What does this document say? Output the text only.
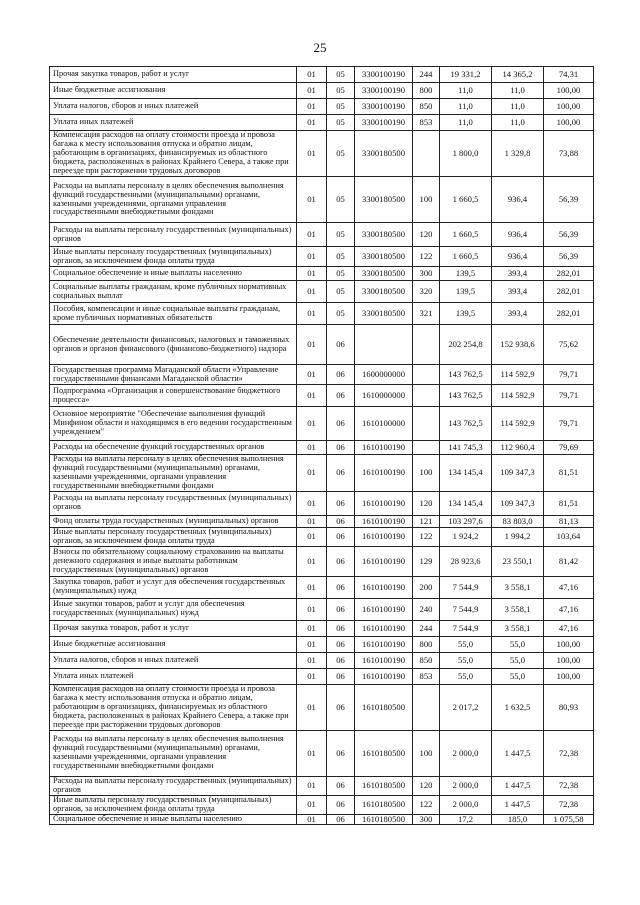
25
Прочая закупка товаров, работ и услуг	01	05	3300100190	244	19 331,2	14 365,2	74,31
Иные бюджетные ассигнования	01	05	3300100190	800	11,0	11,0	100,00
Уплата налогов, сборов и иных платежей	01	05	3300100190	850	11,0	11,0	100,00
Уплата иных платежей	01	05	3300100190	853	11,0	11,0	100,00
Компенсация расходов на оплату стоимости проезда и провоза багажа к месту использования отпуска и обратно лицам, работающим в организациях, финансируемых из областного бюджета, расположенных в районах Крайнего Севера, а также при переезде при расторжении трудовых договоров	01	05	3300180500		1 800,0	1 329,8	73,88
Расходы на выплаты персоналу в целях обеспечения выполнения функций государственными (муниципальными) органами, казенными учреждениями, органами управления государственными внебюджетными фондами	01	05	3300180500	100	1 660,5	936,4	56,39
Расходы на выплаты персоналу государственных (муниципальных) органов	01	05	3300180500	120	1 660,5	936,4	56,39
Иные выплаты персоналу государственных (муниципальных) органов, за исключением фонда оплаты труда	01	05	3300180500	122	1 660,5	936,4	56,39
Социальное обеспечение и иные выплаты населению	01	05	3300180500	300	139,5	393,4	282,01
Социальные выплаты гражданам, кроме публичных нормативных социальных выплат	01	05	3300180500	320	139,5	393,4	282,01
Пособия, компенсации и иные социальные выплаты гражданам, кроме публичных нормативных обязательств	01	05	3300180500	321	139,5	393,4	282,01
Обеспечение деятельности финансовых, налоговых и таможенных органов и органов финансового (финансово-бюджетного) надзора	01	06			202 254,8	152 938,6	75,62
Государственная программа Магаданской области «Управление государственными финансами Магаданской области»	01	06	1600000000		143 762,5	114 592,9	79,71
Подпрограмма «Организация и совершенствование бюджетного процесса»	01	06	1610000000		143 762,5	114 592,9	79,71
Основное мероприятие "Обеспечение выполнения функций Минфином области и находящимся в его ведении государственным учреждением"	01	06	1610100000		143 762,5	114 592,9	79,71
Расходы на обеспечение функций государственных органов	01	06	1610100190		141 745,3	112 960,4	79,69
Расходы на выплаты персоналу в целях обеспечения выполнения функций государственными (муниципальными) органами, казенными учреждениями, органами управления государственными внебюджетными фондами	01	06	1610100190	100	134 145,4	109 347,3	81,51
Расходы на выплаты персоналу государственных (муниципальных) органов	01	06	1610100190	120	134 145,4	109 347,3	81,51
Фонд оплаты труда государственных (муниципальных) органов	01	06	1610100190	121	103 297,6	83 803,0	81,13
Иные выплаты персоналу государственных (муниципальных) органов, за исключением фонда оплаты труда	01	06	1610100190	122	1 924,2	1 994,2	103,64
Взносы по обязательному социальному страхованию на выплаты денежного содержания и иные выплаты работникам государственных (муниципальных) органов	01	06	1610100190	129	28 923,6	23 550,1	81,42
Закупка товаров, работ и услуг для обеспечения государственных (муниципальных) нужд	01	06	1610100190	200	7 544,9	3 558,1	47,16
Иные закупки товаров, работ и услуг для обеспечения государственных (муниципальных) нужд	01	06	1610100190	240	7 544,9	3 558,1	47,16
Прочая закупка товаров, работ и услуг	01	06	1610100190	244	7 544,9	3 558,1	47,16
Иные бюджетные ассигнования	01	06	1610100190	800	55,0	55,0	100,00
Уплата налогов, сборов и иных платежей	01	06	1610100190	850	55,0	55,0	100,00
Уплата иных платежей	01	06	1610100190	853	55,0	55,0	100,00
Компенсация расходов на оплату стоимости проезда и провоза багажа к месту использования отпуска и обратно лицам, работающим в организациях, финансируемых из областного бюджета, расположенных в районах Крайнего Севера, а также при переезде при расторжении трудовых договоров	01	06	1610180500		2 017,2	1 632,5	80,93
Расходы на выплаты персоналу в целях обеспечения выполнения функций государственными (муниципальными) органами, казенными учреждениями, органами управления государственными внебюджетными фондами	01	06	1610180500	100	2 000,0	1 447,5	72,38
Расходы на выплаты персоналу государственных (муниципальных) органов	01	06	1610180500	120	2 000,0	1 447,5	72,38
Иные выплаты персоналу государственных (муниципальных) органов, за исключением фонда оплаты труда	01	06	1610180500	122	2 000,0	1 447,5	72,38
Социальное обеспечение и иные выплаты населению	01	06	1610180500	300	17,2	185,0	1 075,58
